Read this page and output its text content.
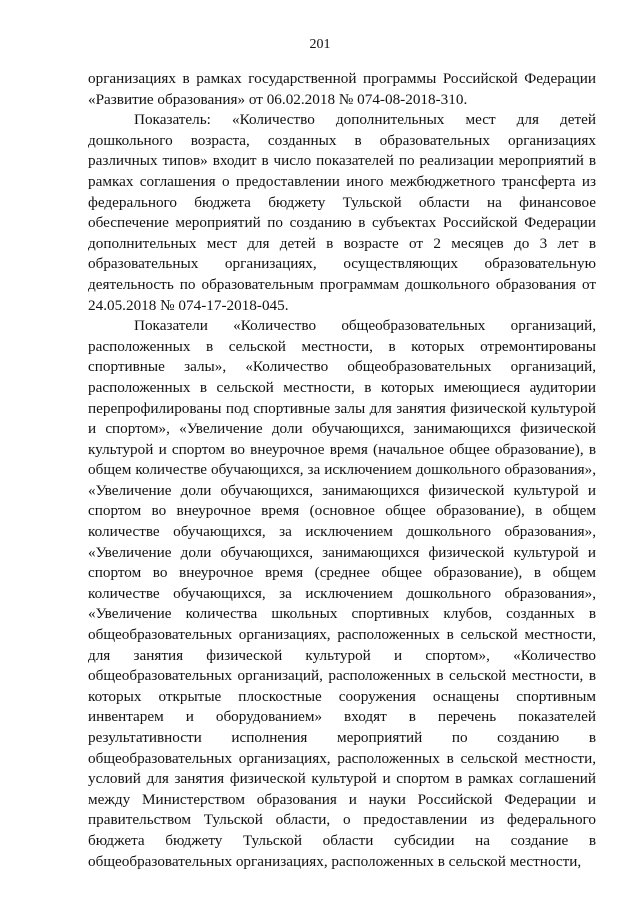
201

организациях в рамках государственной программы Российской Федерации «Развитие образования» от 06.02.2018 № 074-08-2018-310.

Показатель: «Количество дополнительных мест для детей дошкольного возраста, созданных в образовательных организациях различных типов» входит в число показателей по реализации мероприятий в рамках соглашения о предоставлении иного межбюджетного трансферта из федерального бюджета бюджету Тульской области на финансовое обеспечение мероприятий по созданию в субъектах Российской Федерации дополнительных мест для детей в возрасте от 2 месяцев до 3 лет в образовательных организациях, осуществляющих образовательную деятельность по образовательным программам дошкольного образования от 24.05.2018 № 074-17-2018-045.

Показатели «Количество общеобразовательных организаций, расположенных в сельской местности, в которых отремонтированы спортивные залы», «Количество общеобразовательных организаций, расположенных в сельской местности, в которых имеющиеся аудитории перепрофилированы под спортивные залы для занятия физической культурой и спортом», «Увеличение доли обучающихся, занимающихся физической культурой и спортом во внеурочное время (начальное общее образование), в общем количестве обучающихся, за исключением дошкольного образования», «Увеличение доли обучающихся, занимающихся физической культурой и спортом во внеурочное время (основное общее образование), в общем количестве обучающихся, за исключением дошкольного образования», «Увеличение доли обучающихся, занимающихся физической культурой и спортом во внеурочное время (среднее общее образование), в общем количестве обучающихся, за исключением дошкольного образования», «Увеличение количества школьных спортивных клубов, созданных в общеобразовательных организациях, расположенных в сельской местности, для занятия физической культурой и спортом», «Количество общеобразовательных организаций, расположенных в сельской местности, в которых открытые плоскостные сооружения оснащены спортивным инвентарем и оборудованием» входят в перечень показателей результативности исполнения мероприятий по созданию в общеобразовательных организациях, расположенных в сельской местности, условий для занятия физической культурой и спортом в рамках соглашений между Министерством образования и науки Российской Федерации и правительством Тульской области, о предоставлении из федерального бюджета бюджету Тульской области субсидии на создание в общеобразовательных организациях, расположенных в сельской местности,
